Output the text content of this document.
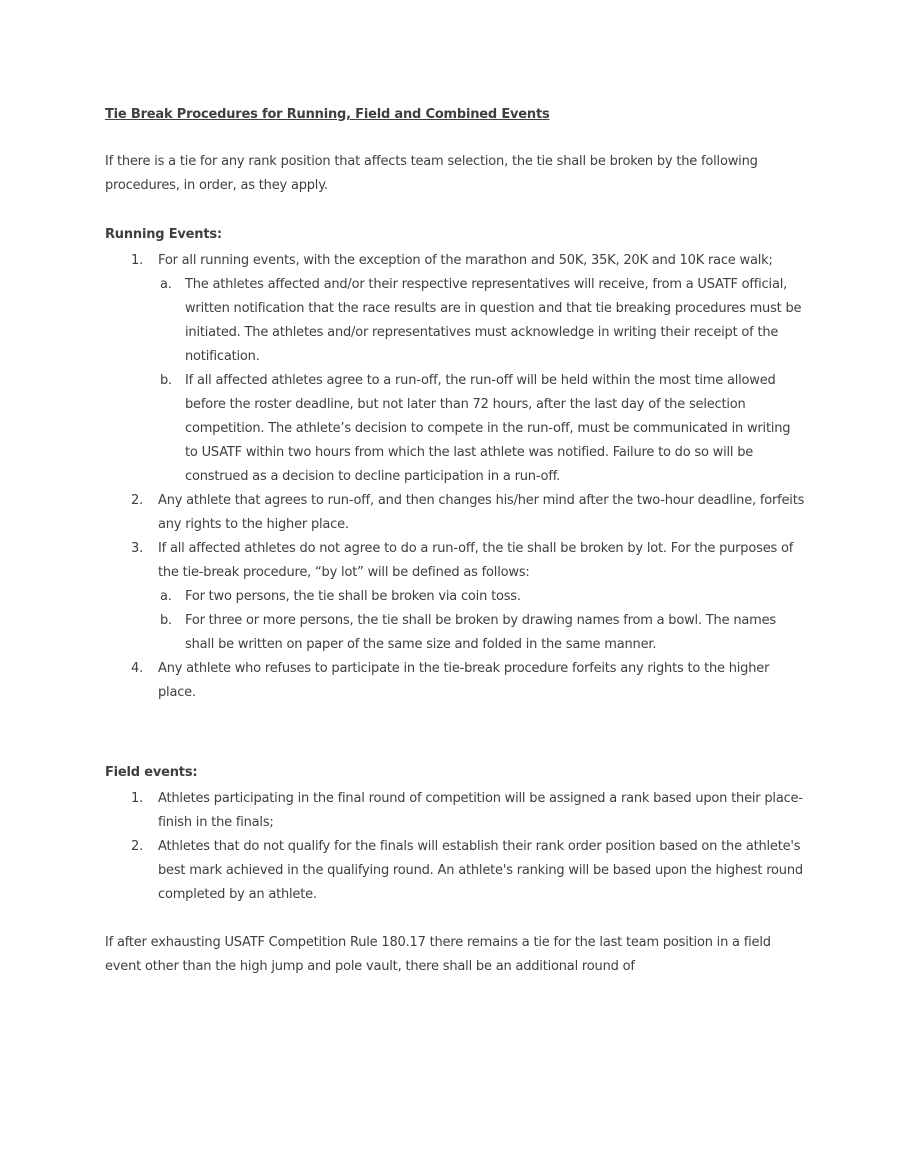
Tie Break Procedures for Running, Field and Combined Events

If there is a tie for any rank position that affects team selection, the tie shall be broken by the following procedures, in order, as they apply.

Running Events:

1.	For all running events, with the exception of the marathon and 50K, 35K, 20K and 10K race walk;
a.	The athletes affected and/or their respective representatives will receive, from a USATF official, written notification that the race results are in question and that tie breaking procedures must be initiated. The athletes and/or representatives must acknowledge in writing their receipt of the notification.
b.	If all affected athletes agree to a run-off, the run-off will be held within the most time allowed before the roster deadline, but not later than 72 hours, after the last day of the selection competition. The athlete’s decision to compete in the run-off, must be communicated in writing to USATF within two hours from which the last athlete was notified. Failure to do so will be construed as a decision to decline participation in a run-off.
2.	Any athlete that agrees to run-off, and then changes his/her mind after the two-hour deadline, forfeits any rights to the higher place.
3.	If all affected athletes do not agree to do a run-off, the tie shall be broken by lot. For the purposes of the tie-break procedure, “by lot” will be defined as follows:
a.	For two persons, the tie shall be broken via coin toss.
b.	For three or more persons, the tie shall be broken by drawing names from a bowl. The names shall be written on paper of the same size and folded in the same manner.
4.	Any athlete who refuses to participate in the tie-break procedure forfeits any rights to the higher place.

Field events:

1.	Athletes participating in the final round of competition will be assigned a rank based upon their place-finish in the finals;
2.	Athletes that do not qualify for the finals will establish their rank order position based on the athlete's best mark achieved in the qualifying round. An athlete's ranking will be based upon the highest round completed by an athlete.

If after exhausting USATF Competition Rule 180.17 there remains a tie for the last team position in a field event other than the high jump and pole vault, there shall be an additional round of
